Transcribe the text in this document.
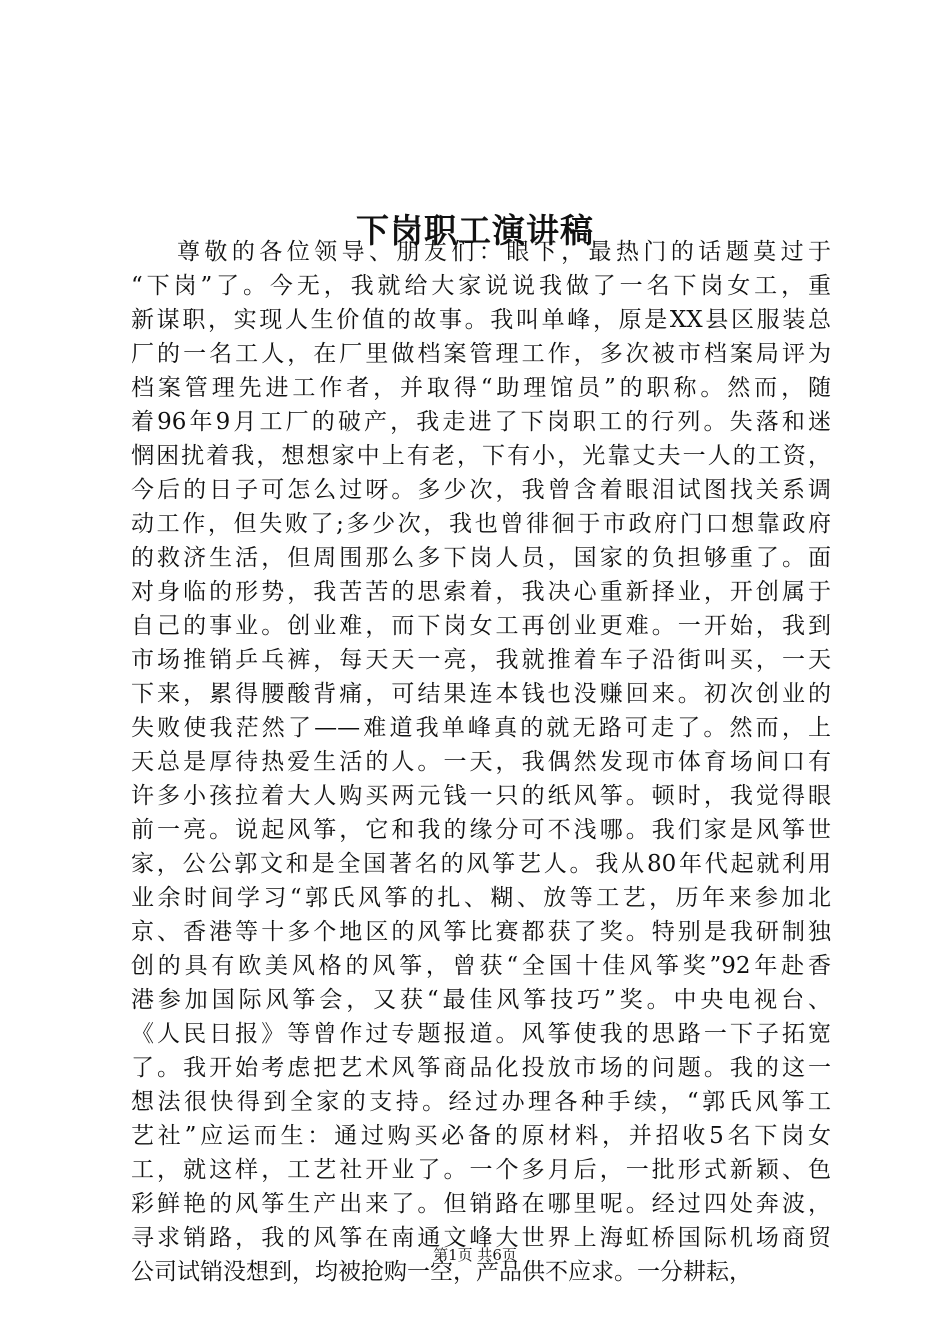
下岗职工演讲稿
尊敬的各位领导、朋友们：眼下，最热门的话题莫过于
“下岗”了。今无，我就给大家说说我做了一名下岗女工，重
新谋职，实现人生价值的故事。我叫单峰，原是XX县区服装总
厂的一名工人，在厂里做档案管理工作，多次被市档案局评为
档案管理先进工作者，并取得“助理馆员”的职称。然而，随
着96年9月工厂的破产，我走进了下岗职工的行列。失落和迷
惘困扰着我，想想家中上有老，下有小，光靠丈夫一人的工资，
今后的日子可怎么过呀。多少次，我曾含着眼泪试图找关系调
动工作，但失败了;多少次，我也曾徘徊于市政府门口想靠政府
的救济生活，但周围那么多下岗人员，国家的负担够重了。面
对身临的形势，我苦苦的思索着，我决心重新择业，开创属于
自己的事业。创业难，而下岗女工再创业更难。一开始，我到
市场推销乒乓裤，每天天一亮，我就推着车子沿街叫买，一天
下来，累得腰酸背痛，可结果连本钱也没赚回来。初次创业的
失败使我茫然了——难道我单峰真的就无路可走了。然而，上
天总是厚待热爱生活的人。一天，我偶然发现市体育场间口有
许多小孩拉着大人购买两元钱一只的纸风筝。顿时，我觉得眼
前一亮。说起风筝，它和我的缘分可不浅哪。我们家是风筝世
家，公公郭文和是全国著名的风筝艺人。我从80年代起就利用
业余时间学习“郭氏风筝的扎、糊、放等工艺，历年来参加北
京、香港等十多个地区的风筝比赛都获了奖。特别是我研制独
创的具有欧美风格的风筝，曾获“全国十佳风筝奖”92年赴香
港参加国际风筝会，又获“最佳风筝技巧”奖。中央电视台、
《人民日报》等曾作过专题报道。风筝使我的思路一下子拓宽
了。我开始考虑把艺术风筝商品化投放市场的问题。我的这一
想法很快得到全家的支持。经过办理各种手续，“郭氏风筝工
艺社”应运而生：通过购买必备的原材料，并招收5名下岗女
工，就这样，工艺社开业了。一个多月后，一批形式新颖、色
彩鲜艳的风筝生产出来了。但销路在哪里呢。经过四处奔波，
寻求销路，我的风筝在南通文峰大世界上海虹桥国际机场商贸
公司试销没想到，均被抢购一空，产品供不应求。一分耕耘，
第1页 共6页
